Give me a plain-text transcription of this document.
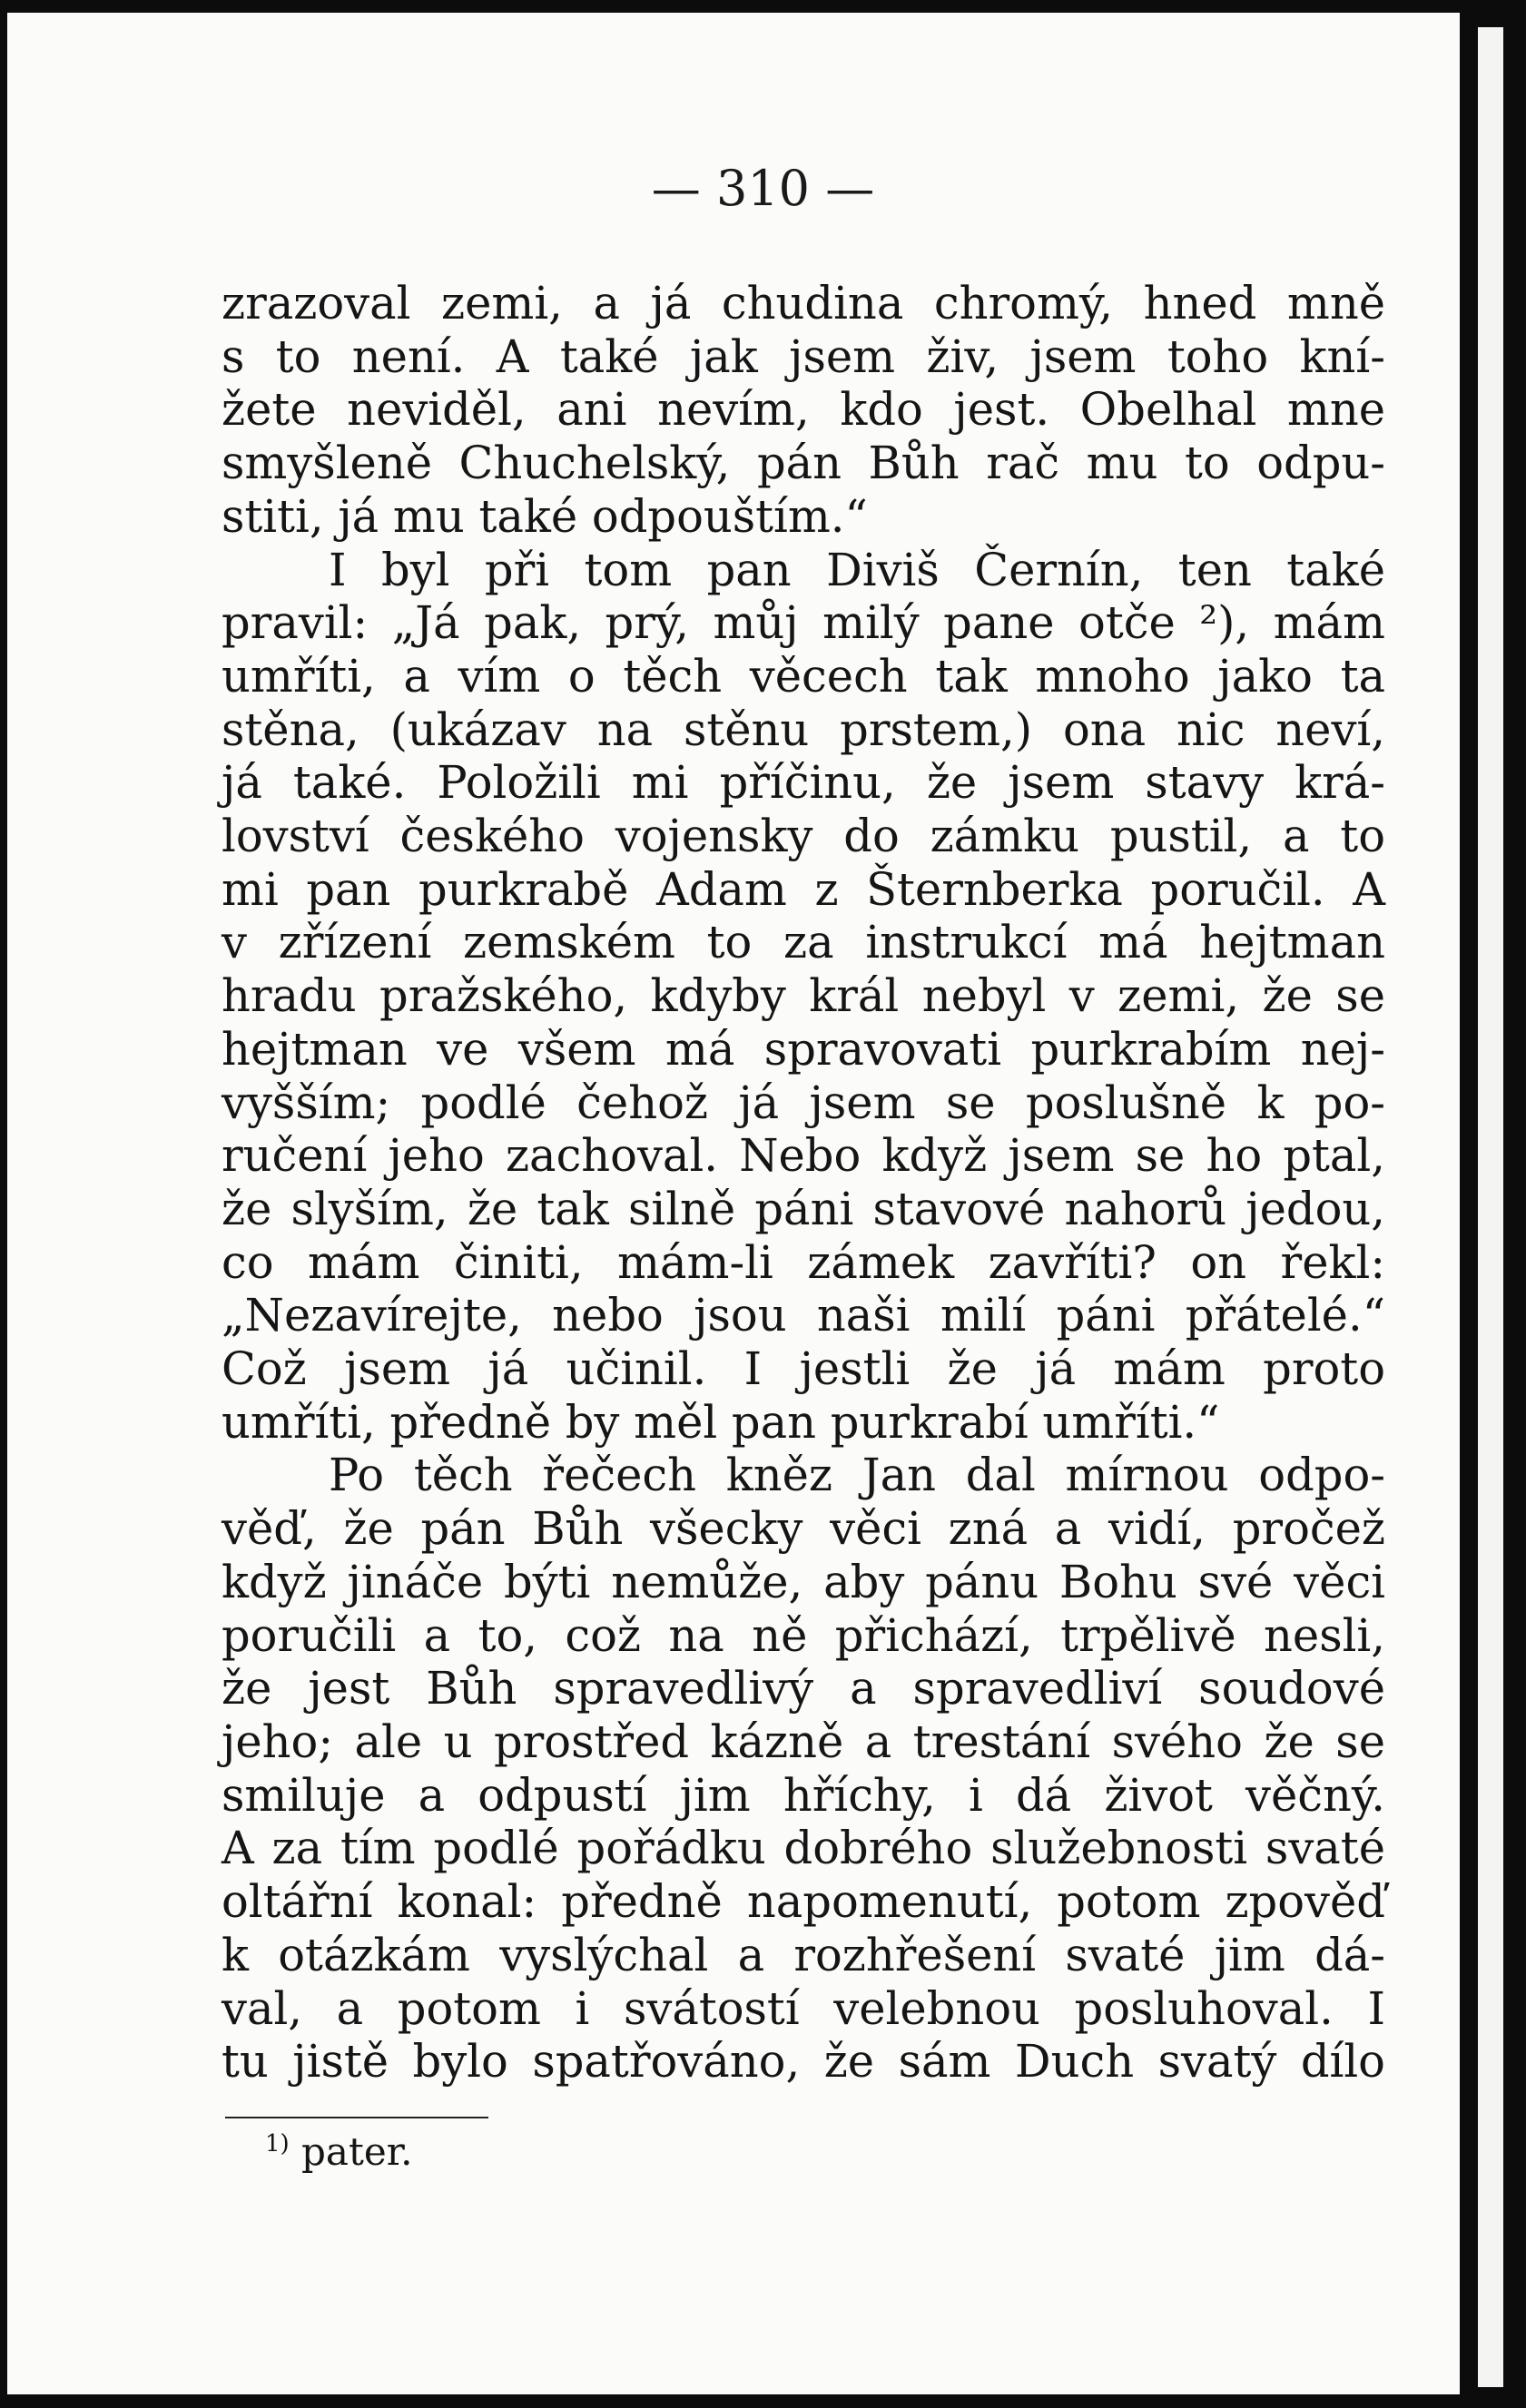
— 310 —
zrazoval zemi, a já chudina chromý, hned mně
s to není. A také jak jsem živ, jsem toho kní-
žete neviděl, ani nevím, kdo jest. Obelhal mne
smyšleně Chuchelský, pán Bůh rač mu to odpu-
stiti, já mu také odpouštím.“
I byl při tom pan Diviš Černín, ten také
pravil: „Já pak, prý, můj milý pane otče ²), mám
umříti, a vím o těch věcech tak mnoho jako ta
stěna, (ukázav na stěnu prstem,) ona nic neví,
já také. Položili mi příčinu, že jsem stavy krá-
lovství českého vojensky do zámku pustil, a to
mi pan purkrabě Adam z Šternberka poručil. A
v zřízení zemském to za instrukcí má hejtman
hradu pražského, kdyby král nebyl v zemi, že se
hejtman ve všem má spravovati purkrabím nej-
vyšším; podlé čehož já jsem se poslušně k po-
ručení jeho zachoval. Nebo když jsem se ho ptal,
že slyším, že tak silně páni stavové nahorů jedou,
co mám činiti, mám-li zámek zavříti? on řekl:
„Nezavírejte, nebo jsou naši milí páni přátelé.“
Což jsem já učinil. I jestli že já mám proto
umříti, předně by měl pan purkrabí umříti.“
Po těch řečech kněz Jan dal mírnou odpo-
věď, že pán Bůh všecky věci zná a vidí, pročež
když jináče býti nemůže, aby pánu Bohu své věci
poručili a to, což na ně přichází, trpělivě nesli,
že jest Bůh spravedlivý a spravedliví soudové
jeho; ale u prostřed kázně a trestání svého že se
smiluje a odpustí jim hříchy, i dá život věčný.
A za tím podlé pořádku dobrého služebnosti svaté
oltářní konal: předně napomenutí, potom zpověď
k otázkám vyslýchal a rozhřešení svaté jim dá-
val, a potom i svátostí velebnou posluhoval. I
tu jistě bylo spatřováno, že sám Duch svatý dílo
$^{1)}$ pater.
